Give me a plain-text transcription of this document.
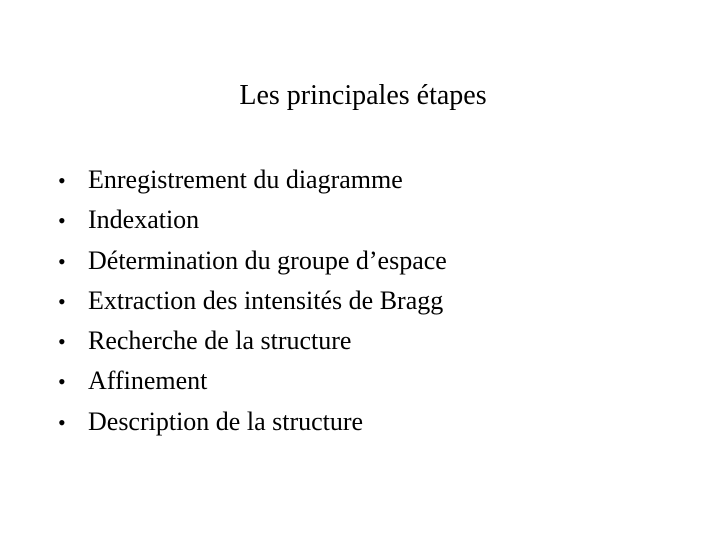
Les principales étapes
• Enregistrement du diagramme
• Indexation
• Détermination du groupe d’espace
• Extraction des intensités de Bragg
• Recherche de la structure
• Affinement
• Description de la structure
